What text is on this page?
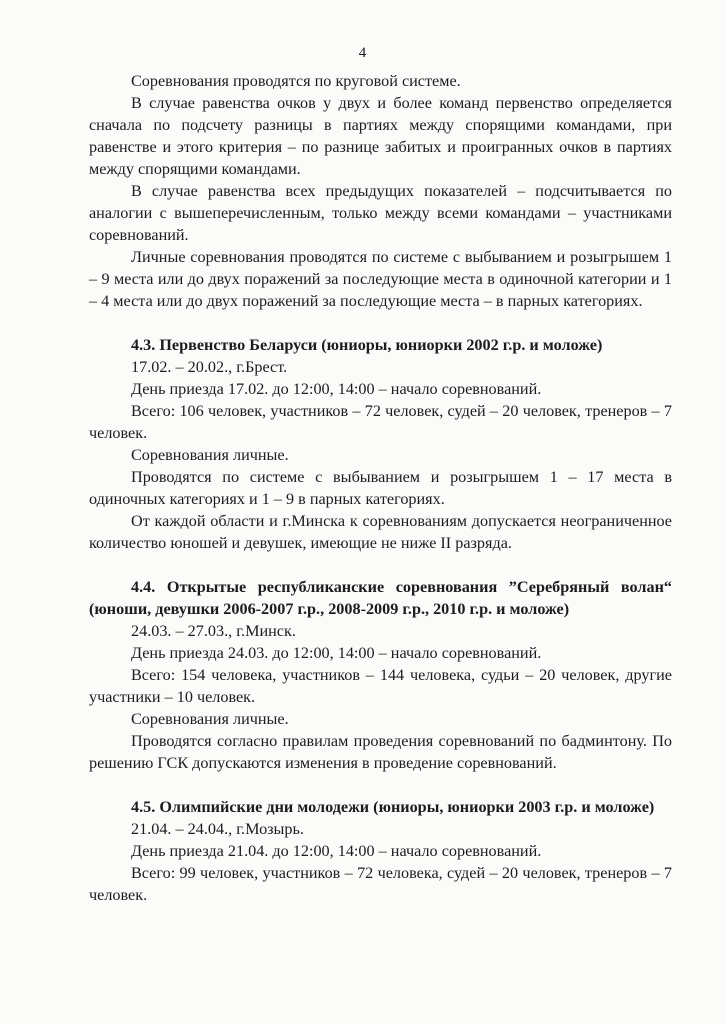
4

Соревнования проводятся по круговой системе.

В случае равенства очков у двух и более команд первенство определяется сначала по подсчету разницы в партиях между спорящими командами, при равенстве и этого критерия – по разнице забитых и проигранных очков в партиях между спорящими командами.

В случае равенства всех предыдущих показателей – подсчитывается по аналогии с вышеперечисленным, только между всеми командами – участниками соревнований.

Личные соревнования проводятся по системе с выбыванием и розыгрышем 1 – 9 места или до двух поражений за последующие места в одиночной категории и 1 – 4 места или до двух поражений за последующие места – в парных категориях.

4.3. Первенство Беларуси (юниоры, юниорки 2002 г.р. и моложе)

17.02. – 20.02., г.Брест.

День приезда 17.02. до 12:00, 14:00 – начало соревнований.

Всего: 106 человек, участников – 72 человек, судей – 20 человек, тренеров – 7 человек.

Соревнования личные.

Проводятся по системе с выбыванием и розыгрышем 1 – 17 места в одиночных категориях и 1 – 9 в парных категориях.

От каждой области и г.Минска к соревнованиям допускается неограниченное количество юношей и девушек, имеющие не ниже II разряда.

4.4. Открытые республиканские соревнования ”Серебряный волан“ (юноши, девушки 2006-2007 г.р., 2008-2009 г.р., 2010 г.р. и моложе)

24.03. – 27.03., г.Минск.

День приезда 24.03. до 12:00, 14:00 – начало соревнований.

Всего: 154 человека, участников – 144 человека, судьи – 20 человек, другие участники – 10 человек.

Соревнования личные.

Проводятся согласно правилам проведения соревнований по бадминтону. По решению ГСК допускаются изменения в проведение соревнований.

4.5. Олимпийские дни молодежи (юниоры, юниорки 2003 г.р. и моложе)

21.04. – 24.04., г.Мозырь.

День приезда 21.04. до 12:00, 14:00 – начало соревнований.

Всего: 99 человек, участников – 72 человека, судей – 20 человек, тренеров – 7 человек.
